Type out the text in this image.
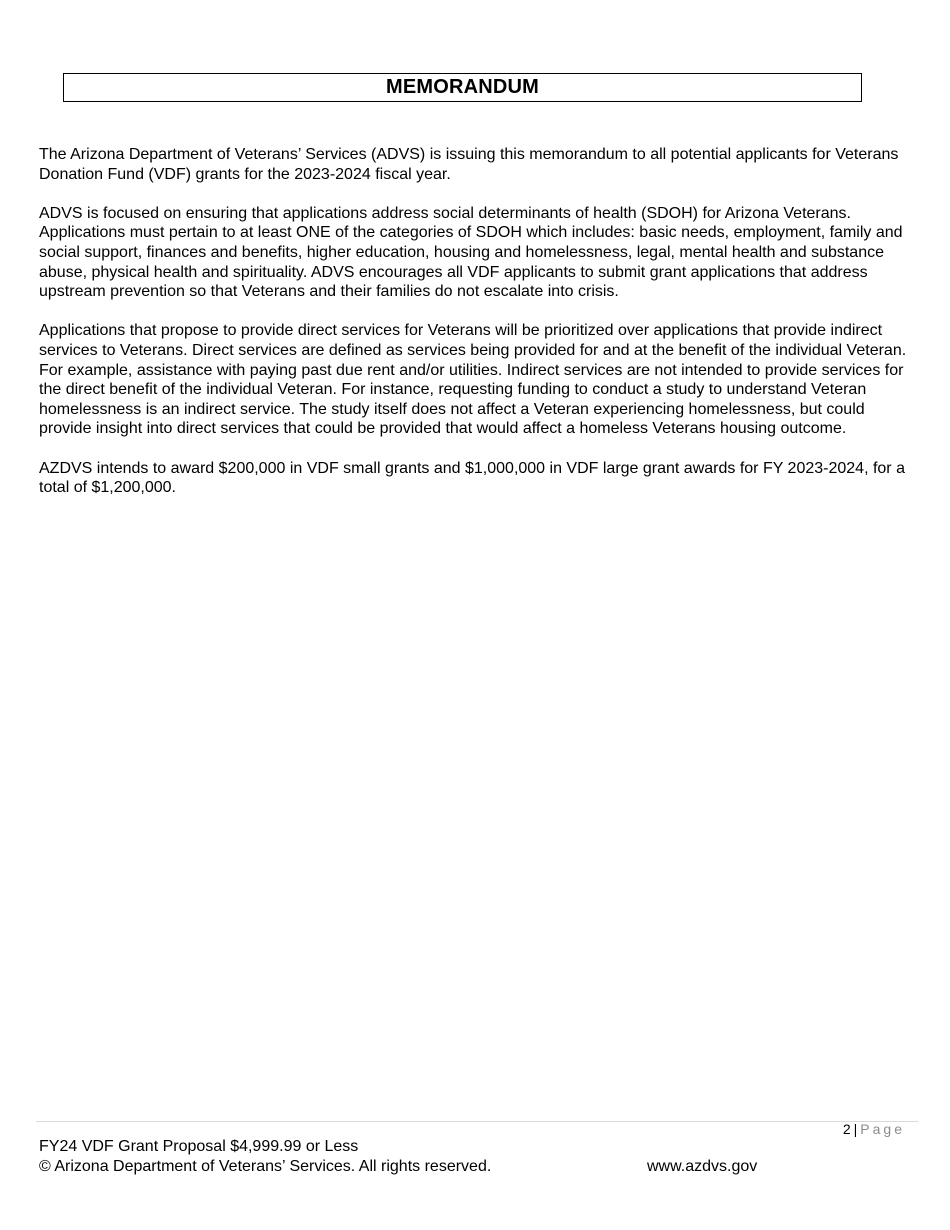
MEMORANDUM

The Arizona Department of Veterans’ Services (ADVS) is issuing this memorandum to all potential applicants for Veterans Donation Fund (VDF) grants for the 2023-2024 fiscal year.

ADVS is focused on ensuring that applications address social determinants of health (SDOH) for Arizona Veterans. Applications must pertain to at least ONE of the categories of SDOH which includes: basic needs, employment, family and social support, finances and benefits, higher education, housing and homelessness, legal, mental health and substance abuse, physical health and spirituality. ADVS encourages all VDF applicants to submit grant applications that address upstream prevention so that Veterans and their families do not escalate into crisis.

Applications that propose to provide direct services for Veterans will be prioritized over applications that provide indirect services to Veterans. Direct services are defined as services being provided for and at the benefit of the individual Veteran. For example, assistance with paying past due rent and/or utilities. Indirect services are not intended to provide services for the direct benefit of the individual Veteran. For instance, requesting funding to conduct a study to understand Veteran homelessness is an indirect service. The study itself does not affect a Veteran experiencing homelessness, but could provide insight into direct services that could be provided that would affect a homeless Veterans housing outcome.

AZDVS intends to award $200,000 in VDF small grants and $1,000,000 in VDF large grant awards for FY 2023-2024, for a total of $1,200,000.

2 | Page
FY24 VDF Grant Proposal $4,999.99 or Less
© Arizona Department of Veterans’ Services. All rights reserved.	www.azdvs.gov
